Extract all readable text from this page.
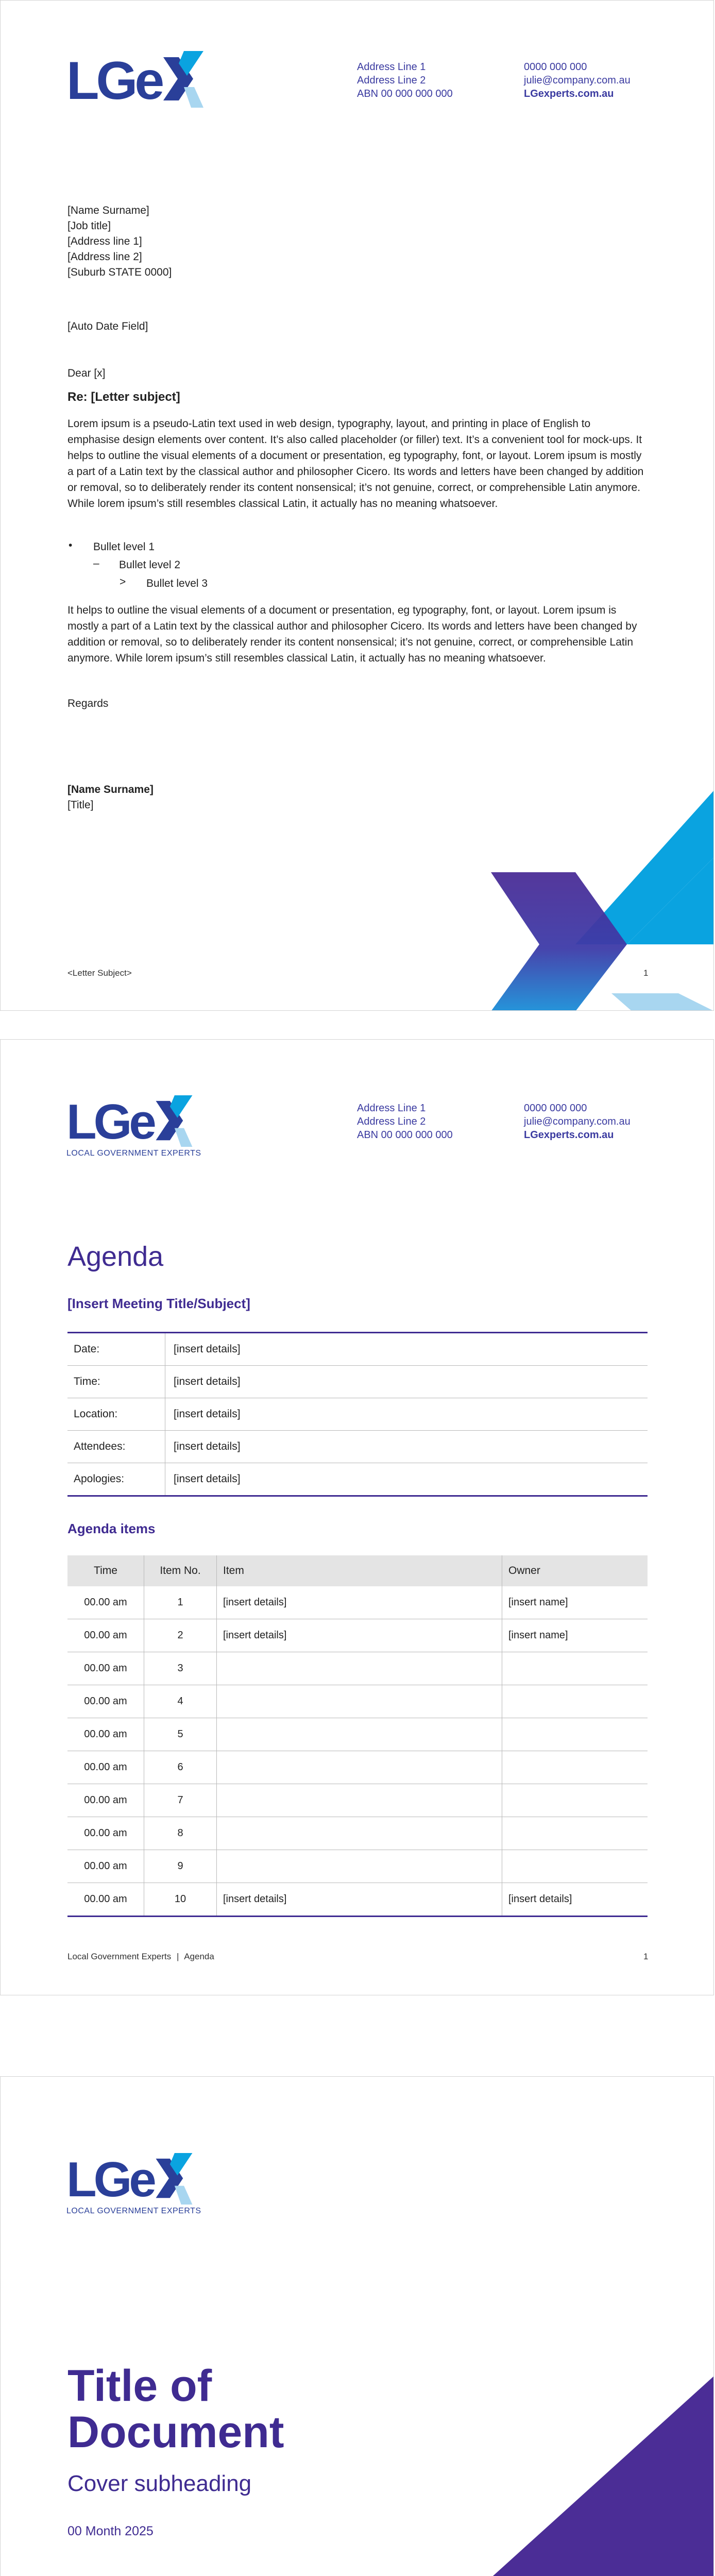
LGe	Address Line 1
Address Line 2
ABN 00 000 000 000
0000 000 000
julie@company.com.au
LGexperts.com.au
[Name Surname]
[Job title]
[Address line 1]
[Address line 2]
[Suburb STATE 0000]
[Auto Date Field]
Dear [x]
Re: [Letter subject]
Lorem ipsum is a pseudo-Latin text used in web design, typography, layout, and printing in place of English to emphasise design elements over content. It’s also called placeholder (or filler) text. It’s a convenient tool for mock-ups. It helps to outline the visual elements of a document or presentation, eg typography, font, or layout. Lorem ipsum is mostly a part of a Latin text by the classical author and philosopher Cicero. Its words and letters have been changed by addition or removal, so to deliberately render its content nonsensical; it’s not genuine, correct, or comprehensible Latin anymore. While lorem ipsum’s still resembles classical Latin, it actually has no meaning whatsoever.
• Bullet level 1
– Bullet level 2
> Bullet level 3
It helps to outline the visual elements of a document or presentation, eg typography, font, or layout. Lorem ipsum is mostly a part of a Latin text by the classical author and philosopher Cicero. Its words and letters have been changed by addition or removal, so to deliberately render its content nonsensical; it’s not genuine, correct, or comprehensible Latin anymore. While lorem ipsum’s still resembles classical Latin, it actually has no meaning whatsoever.
Regards
[Name Surname]
[Title]
<Letter Subject>	1
LGe
LOCAL GOVERNMENT EXPERTS
Address Line 1
Address Line 2
ABN 00 000 000 000
0000 000 000
julie@company.com.au
LGexperts.com.au
Agenda
[Insert Meeting Title/Subject]
Date:	[insert details]
Time:	[insert details]
Location:	[insert details]
Attendees:	[insert details]
Apologies:	[insert details]
Agenda items
Time	Item No.	Item	Owner
00.00 am	1	[insert details]	[insert name]
00.00 am	2	[insert details]	[insert name]
00.00 am	3		
00.00 am	4		
00.00 am	5		
00.00 am	6		
00.00 am	7		
00.00 am	8		
00.00 am	9		
00.00 am	10	[insert details]	[insert details]
Local Government Experts | Agenda	1
LGe
LOCAL GOVERNMENT EXPERTS
Title of
Document
Cover subheading
00 Month 2025
